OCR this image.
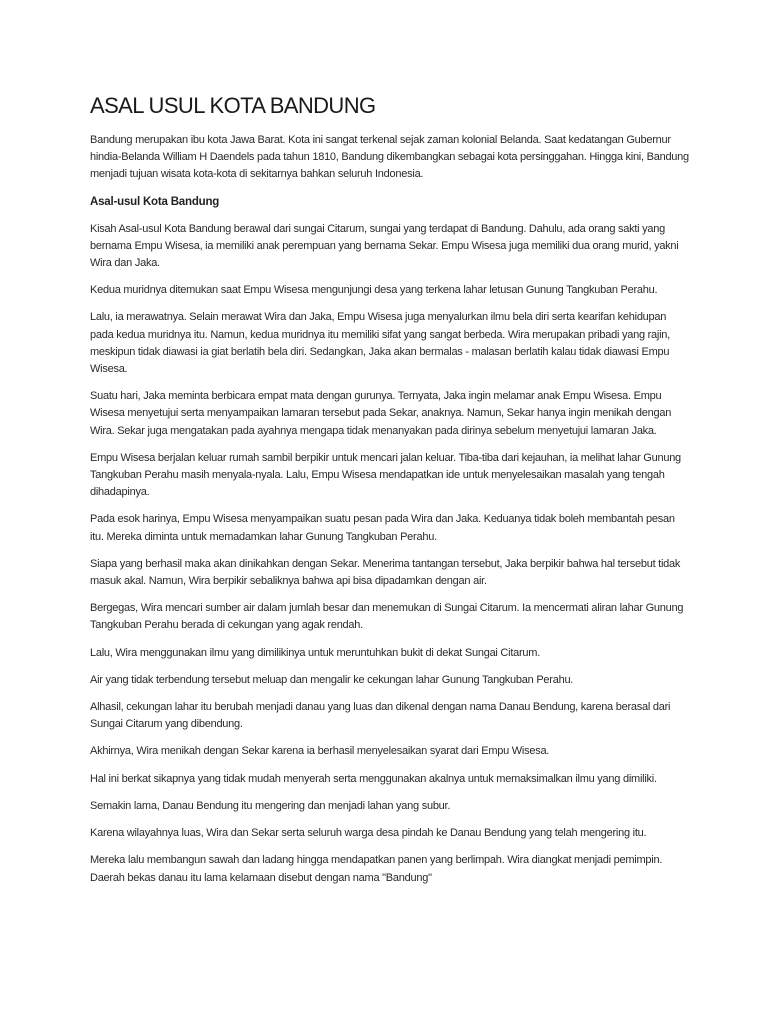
ASAL USUL KOTA BANDUNG

Bandung merupakan ibu kota Jawa Barat. Kota ini sangat terkenal sejak zaman kolonial Belanda. Saat kedatangan Gubernur hindia-Belanda William H Daendels pada tahun 1810, Bandung dikembangkan sebagai kota persinggahan. Hingga kini, Bandung menjadi tujuan wisata kota-kota di sekitarnya bahkan seluruh Indonesia.

Asal-usul Kota Bandung

Kisah Asal-usul Kota Bandung berawal dari sungai Citarum, sungai yang terdapat di Bandung. Dahulu, ada orang sakti yang bernama Empu Wisesa, ia memiliki anak perempuan yang bernama Sekar. Empu Wisesa juga memiliki dua orang murid, yakni Wira dan Jaka.

Kedua muridnya ditemukan saat Empu Wisesa mengunjungi desa yang terkena lahar letusan Gunung Tangkuban Perahu.

Lalu, ia merawatnya. Selain merawat Wira dan Jaka, Empu Wisesa juga menyalurkan ilmu bela diri serta kearifan kehidupan pada kedua muridnya itu. Namun, kedua muridnya itu memiliki sifat yang sangat berbeda. Wira merupakan pribadi yang rajin, meskipun tidak diawasi ia giat berlatih bela diri. Sedangkan, Jaka akan bermalas - malasan berlatih kalau tidak diawasi Empu Wisesa.

Suatu hari, Jaka meminta berbicara empat mata dengan gurunya. Ternyata, Jaka ingin melamar anak Empu Wisesa. Empu Wisesa menyetujui serta menyampaikan lamaran tersebut pada Sekar, anaknya. Namun, Sekar hanya ingin menikah dengan Wira. Sekar juga mengatakan pada ayahnya mengapa tidak menanyakan pada dirinya sebelum menyetujui lamaran Jaka.

Empu Wisesa berjalan keluar rumah sambil berpikir untuk mencari jalan keluar. Tiba-tiba dari kejauhan, ia melihat lahar Gunung Tangkuban Perahu masih menyala-nyala. Lalu, Empu Wisesa mendapatkan ide untuk menyelesaikan masalah yang tengah dihadapinya.

Pada esok harinya, Empu Wisesa menyampaikan suatu pesan pada Wira dan Jaka. Keduanya tidak boleh membantah pesan itu. Mereka diminta untuk memadamkan lahar Gunung Tangkuban Perahu.

Siapa yang berhasil maka akan dinikahkan dengan Sekar. Menerima tantangan tersebut, Jaka berpikir bahwa hal tersebut tidak masuk akal. Namun, Wira berpikir sebaliknya bahwa api bisa dipadamkan dengan air.

Bergegas, Wira mencari sumber air dalam jumlah besar dan menemukan di Sungai Citarum. Ia mencermati aliran lahar Gunung Tangkuban Perahu berada di cekungan yang agak rendah.

Lalu, Wira menggunakan ilmu yang dimilikinya untuk meruntuhkan bukit di dekat Sungai Citarum.

Air yang tidak terbendung tersebut meluap dan mengalir ke cekungan lahar Gunung Tangkuban Perahu.

Alhasil, cekungan lahar itu berubah menjadi danau yang luas dan dikenal dengan nama Danau Bendung, karena berasal dari Sungai Citarum yang dibendung.

Akhirnya, Wira menikah dengan Sekar karena ia berhasil menyelesaikan syarat dari Empu Wisesa.

Hal ini berkat sikapnya yang tidak mudah menyerah serta menggunakan akalnya untuk memaksimalkan ilmu yang dimiliki.

Semakin lama, Danau Bendung itu mengering dan menjadi lahan yang subur.

Karena wilayahnya luas, Wira dan Sekar serta seluruh warga desa pindah ke Danau Bendung yang telah mengering itu.

Mereka lalu membangun sawah dan ladang hingga mendapatkan panen yang berlimpah. Wira diangkat menjadi pemimpin. Daerah bekas danau itu lama kelamaan disebut dengan nama "Bandung"
